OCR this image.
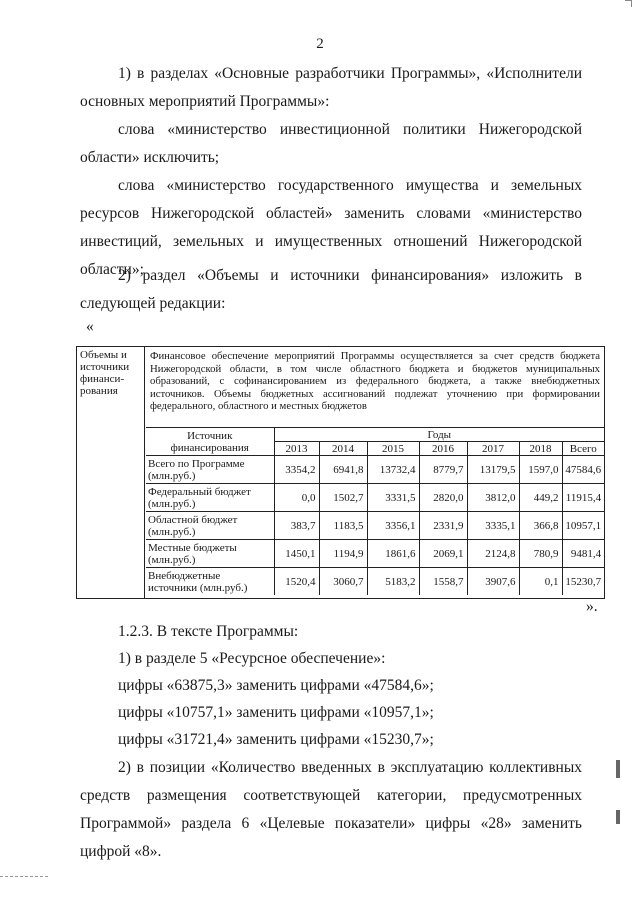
2
1) в разделах «Основные разработчики Программы», «Исполнители основных мероприятий Программы»:
слова «министерство инвестиционной политики Нижегородской области» исключить;
слова «министерство государственного имущества и земельных ресурсов Нижегородской областей» заменить словами «министерство инвестиций, земельных и имущественных отношений Нижегородской области»;
2) раздел «Объемы и источники финансирования» изложить в следующей редакции:
«
Объемы и источники финанси-рования
Финансовое обеспечение мероприятий Программы осуществляется за счет средств бюджета Нижегородской области, в том числе областного бюджета и бюджетов муниципальных образований, с софинансированием из федерального бюджета, а также внебюджетных источников. Объемы бюджетных ассигнований подлежат уточнению при формировании федерального, областного и местных бюджетов
Источник финансирования	Годы						
	2013	2014	2015	2016	2017	2018	Всего
Всего по Программе (млн.руб.)	3354,2	6941,8	13732,4	8779,7	13179,5	1597,0	47584,6
Федеральный бюджет (млн.руб.)	0,0	1502,7	3331,5	2820,0	3812,0	449,2	11915,4
Областной бюджет (млн.руб.)	383,7	1183,5	3356,1	2331,9	3335,1	366,8	10957,1
Местные бюджеты (млн.руб.)	1450,1	1194,9	1861,6	2069,1	2124,8	780,9	9481,4
Внебюджетные источники (млн.руб.)	1520,4	3060,7	5183,2	1558,7	3907,6	0,1	15230,7
».
1.2.3. В тексте Программы:
1) в разделе 5 «Ресурсное обеспечение»:
цифры «63875,3» заменить цифрами «47584,6»;
цифры «10757,1» заменить цифрами «10957,1»;
цифры «31721,4» заменить цифрами «15230,7»;
2) в позиции «Количество введенных в эксплуатацию коллективных средств размещения соответствующей категории, предусмотренных Программой» раздела 6 «Целевые показатели» цифры «28» заменить цифрой «8».
